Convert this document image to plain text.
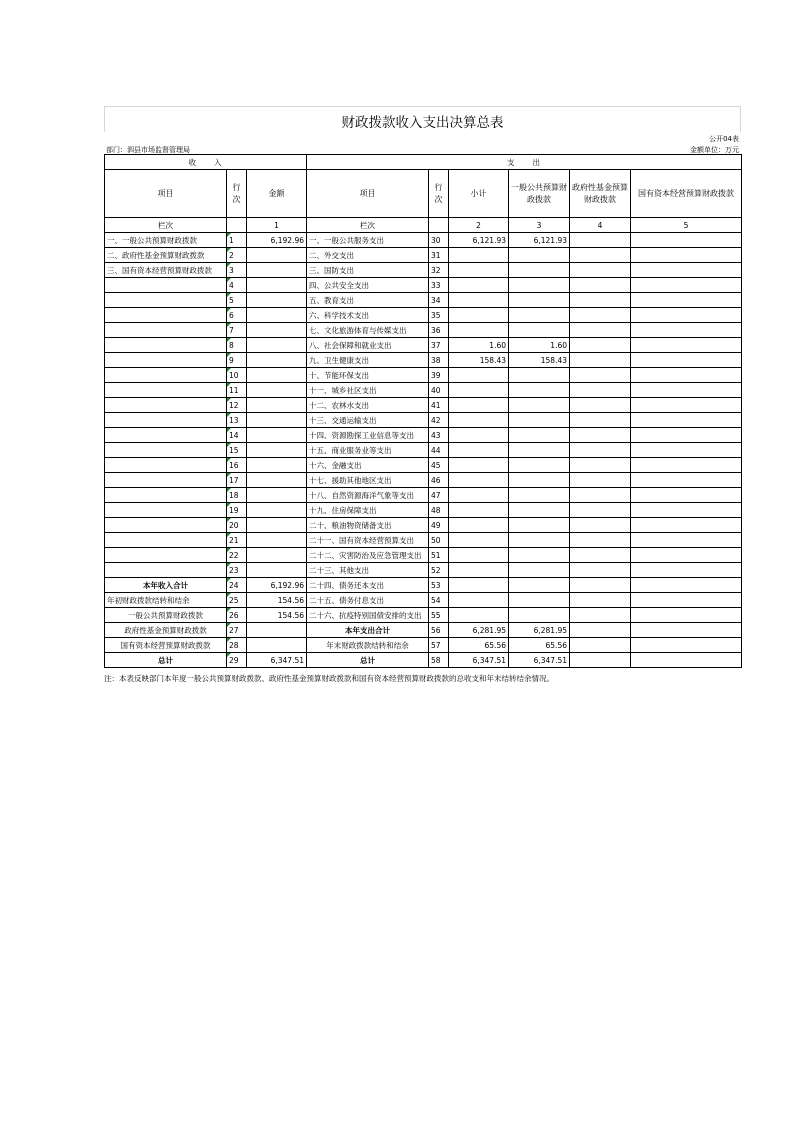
财政拨款收入支出决算总表
公开04表
部门：泗县市场监督管理局	金额单位：万元
收　　入			支　　出					
项目	行次	金额	项目	行次	小计	一般公共预算财政拨款	政府性基金预算财政拨款	国有资本经营预算财政拨款
栏次		1	栏次		2	3	4	5
一、一般公共预算财政拨款	1	6,192.96	一、一般公共服务支出	30	6,121.93	6,121.93		
二、政府性基金预算财政拨款	2		二、外交支出	31				
三、国有资本经营预算财政拨款	3		三、国防支出	32				
	4		四、公共安全支出	33				
	5		五、教育支出	34				
	6		六、科学技术支出	35				
	7		七、文化旅游体育与传媒支出	36				
	8		八、社会保障和就业支出	37	1.60	1.60		
	9		九、卫生健康支出	38	158.43	158.43		
	10		十、节能环保支出	39				
	11		十一、城乡社区支出	40				
	12		十二、农林水支出	41				
	13		十三、交通运输支出	42				
	14		十四、资源勘探工业信息等支出	43				
	15		十五、商业服务业等支出	44				
	16		十六、金融支出	45				
	17		十七、援助其他地区支出	46				
	18		十八、自然资源海洋气象等支出	47				
	19		十九、住房保障支出	48				
	20		二十、粮油物资储备支出	49				
	21		二十一、国有资本经营预算支出	50				
	22		二十二、灾害防治及应急管理支出	51				
	23		二十三、其他支出	52				
本年收入合计	24	6,192.96	二十四、债务还本支出	53				
年初财政拨款结转和结余	25	154.56	二十五、债务付息支出	54				
一般公共预算财政拨款	26	154.56	二十六、抗疫特别国债安排的支出	55				
政府性基金预算财政拨款	27		本年支出合计	56	6,281.95	6,281.95		
国有资本经营预算财政拨款	28		年末财政拨款结转和结余	57	65.56	65.56		
总计	29	6,347.51	总计	58	6,347.51	6,347.51		
注：本表反映部门本年度一般公共预算财政拨款、政府性基金预算财政拨款和国有资本经营预算财政拨款的总收支和年末结转结余情况。
